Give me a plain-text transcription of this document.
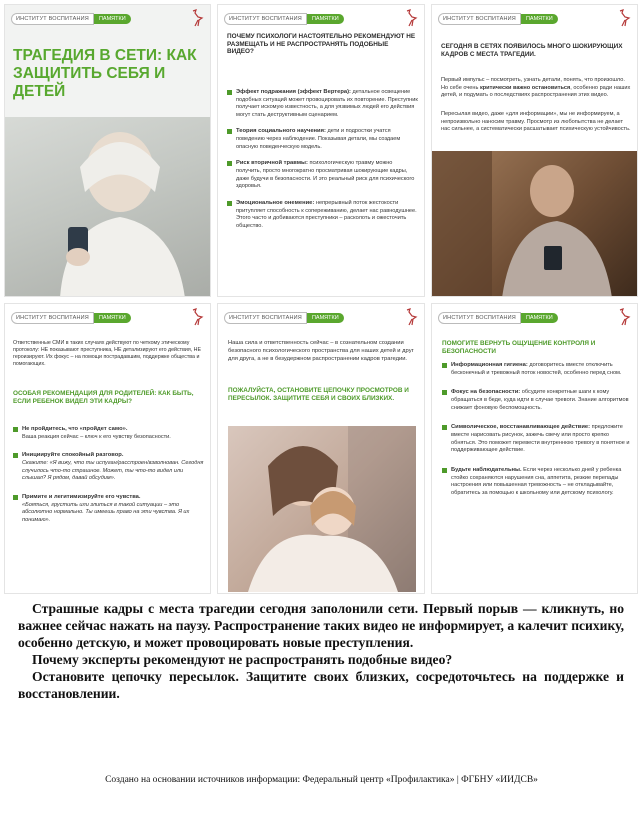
ИНСТИТУТ ВОСПИТАНИЯ	ПАМЯТКИ
ТРАГЕДИЯ В СЕТИ: КАК ЗАЩИТИТЬ СЕБЯ И ДЕТЕЙ
ИНСТИТУТ ВОСПИТАНИЯ	ПАМЯТКИ
ПОЧЕМУ ПСИХОЛОГИ НАСТОЯТЕЛЬНО РЕКОМЕНДУЮТ НЕ РАЗМЕЩАТЬ И НЕ РАСПРОСТРАНЯТЬ ПОДОБНЫЕ ВИДЕО?
Эффект подражания (эффект Вертера): детальное освещение подобных ситуаций может провоцировать их повторение. Преступник получает искомую известность, а для уязвимых людей его действия могут стать деструктивным сценарием.
Теория социального научения: дети и подростки учатся поведению через наблюдение. Показывая детали, мы создаем опасную поведенческую модель.
Риск вторичной травмы: психологическую травму можно получить, просто многократно просматривая шокирующие кадры, даже будучи в безопасности. И это реальный риск для психического здоровья.
Эмоциональное онемение: непрерывный поток жестокости притупляет способность к сопереживанию, делает нас равнодушнее. Этого часто и добиваются преступники – расколоть и ожесточить общество.
ИНСТИТУТ ВОСПИТАНИЯ	ПАМЯТКИ
СЕГОДНЯ В СЕТЯХ ПОЯВИЛОСЬ МНОГО ШОКИРУЮЩИХ КАДРОВ С МЕСТА ТРАГЕДИИ.
Первый импульс – посмотреть, узнать детали, понять, что произошло. Но себе очень критически важно остановиться, особенно ради наших детей, и подумать о последствиях распространения этих видео.
Пересылая видео, даже «для информации», мы не информируем, а непроизвольно наносим травму. Просмотр из любопытства не делает нас сильнее, а систематически расшатывает психическую устойчивость.
ИНСТИТУТ ВОСПИТАНИЯ	ПАМЯТКИ
Ответственные СМИ в таких случаях действуют по четкому этическому протоколу: НЕ показывают преступника, НЕ детализируют его действия, НЕ героизируют. Их фокус – на помощи пострадавшим, поддержке общества и помогающих.
ОСОБАЯ РЕКОМЕНДАЦИЯ ДЛЯ РОДИТЕЛЕЙ: КАК БЫТЬ, ЕСЛИ РЕБЕНОК ВИДЕЛ ЭТИ КАДРЫ?
Не пройдитесь, что «пройдет само».
Ваша реакция сейчас – ключ к его чувству безопасности.
Инициируйте спокойный разговор.
Скажите: «Я вижу, что ты испуган/расстроен/взволнован. Сегодня случилось что-то страшное. Может, ты что-то видел или слышал? Я рядом, давай обсудим».
Примите и легитимизируйте его чувства.
«Бояться, грустить или злиться в такой ситуации – это абсолютно нормально. Ты имеешь право на эти чувства. Я их понимаю».
ИНСТИТУТ ВОСПИТАНИЯ	ПАМЯТКИ
Наша сила и ответственность сейчас – в сознательном создании безопасного психологического пространства для наших детей и друг для друга, а не в безудержном распространении кадров трагедии.
ПОЖАЛУЙСТА, ОСТАНОВИТЕ ЦЕПОЧКУ ПРОСМОТРОВ И ПЕРЕСЫЛОК. ЗАЩИТИТЕ СЕБЯ И СВОИХ БЛИЗКИХ.
ИНСТИТУТ ВОСПИТАНИЯ	ПАМЯТКИ
ПОМОГИТЕ ВЕРНУТЬ ОЩУЩЕНИЕ КОНТРОЛЯ И БЕЗОПАСНОСТИ
Информационная гигиена: договоритесь вместе отключить бесконечный и тревожный поток новостей, особенно перед сном.
Фокус на безопасности: обсудите конкретные шаги к кому обращаться в беде, куда идти в случае тревоги. Знание алгоритмов снижает фоновую беспомощность.
Символическое, восстанавливающее действие: предложите вместе нарисовать рисунок, зажечь свечу или просто крепко обняться. Это поможет перевести внутреннюю тревогу в понятное и поддерживающее действие.
Будьте наблюдательны. Если через несколько дней у ребенка стойко сохраняются нарушения сна, аппетита, резкие перепады настроения или повышенная тревожность – не откладывайте, обратитесь за помощью к школьному или детскому психологу.

Страшные кадры с места трагедии сегодня заполонили сети. Первый порыв — кликнуть, но важнее сейчас нажать на паузу. Распространение таких видео не информирует, а калечит психику, особенно детскую, и может провоцировать новые преступления.

Почему эксперты рекомендуют не распространять подобные видео?

Остановите цепочку пересылок. Защитите своих близких, сосредоточьтесь на поддержке и восстановлении.

Создано на основании источников информации: Федеральный центр «Профилактика» | ФГБНУ «ИИДСВ»
